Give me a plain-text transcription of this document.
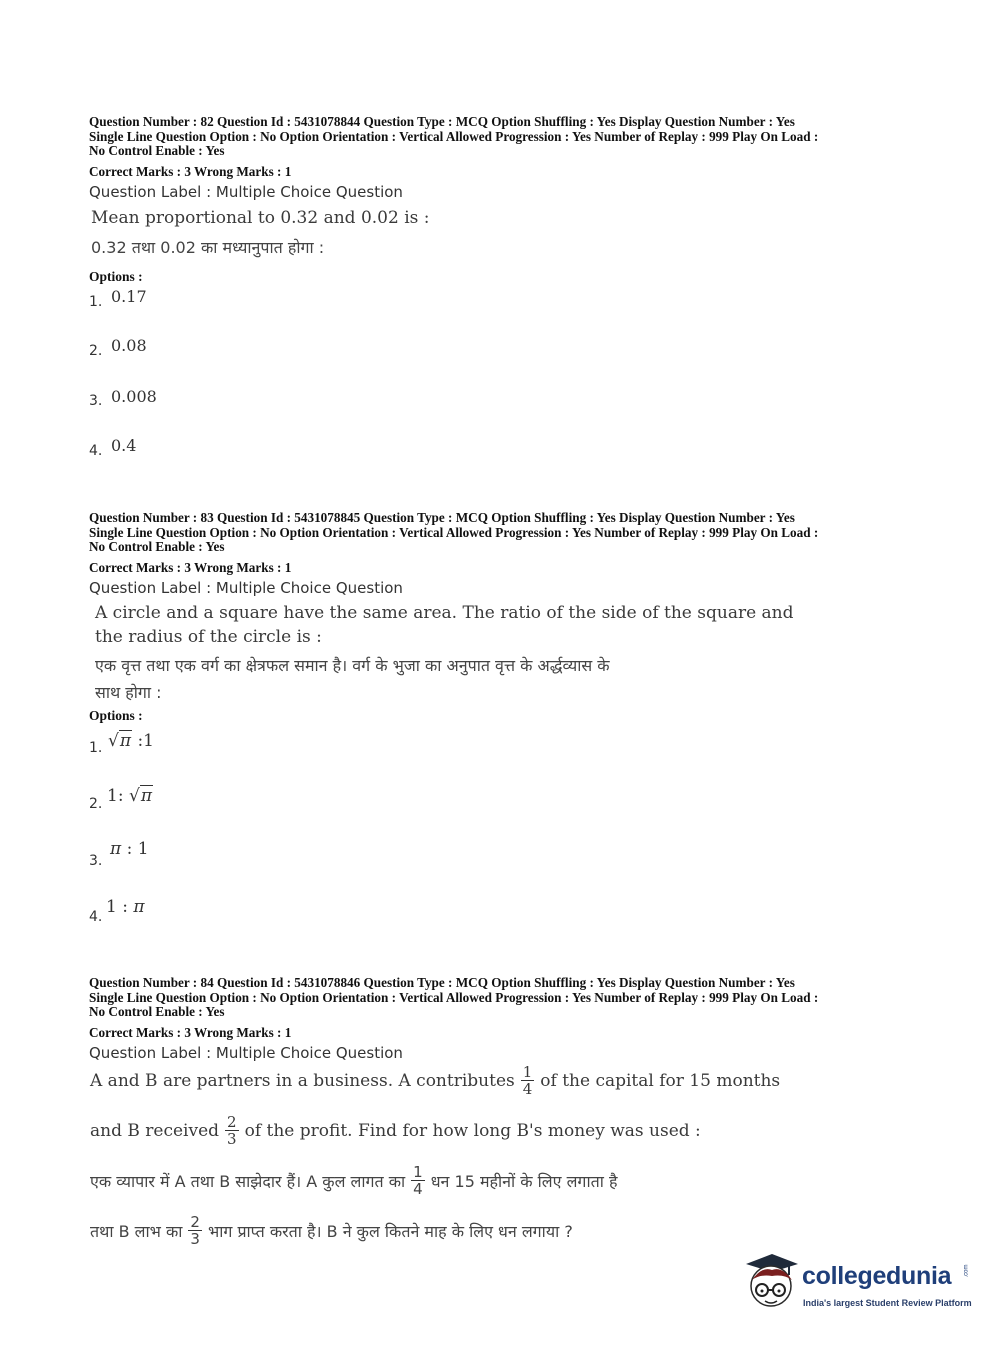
Question Number : 82 Question Id : 5431078844 Question Type : MCQ Option Shuffling : Yes Display Question Number : Yes
Single Line Question Option : No Option Orientation : Vertical Allowed Progression : Yes Number of Replay : 999 Play On Load :
No Control Enable : Yes
Correct Marks : 3 Wrong Marks : 1
Question Label : Multiple Choice Question
Mean proportional to 0.32 and 0.02 is :
0.32 तथा 0.02 का मध्यानुपात होगा :
Options :
1. 0.17
2. 0.08
3. 0.008
4. 0.4
Question Number : 83 Question Id : 5431078845 Question Type : MCQ Option Shuffling : Yes Display Question Number : Yes
Single Line Question Option : No Option Orientation : Vertical Allowed Progression : Yes Number of Replay : 999 Play On Load :
No Control Enable : Yes
Correct Marks : 3 Wrong Marks : 1
Question Label : Multiple Choice Question
A circle and a square have the same area. The ratio of the side of the square and
the radius of the circle is :
एक वृत्त तथा एक वर्ग का क्षेत्रफल समान है। वर्ग के भुजा का अनुपात वृत्त के अर्द्धव्यास के
साथ होगा :
Options :
1. √π :1
2. 1: √π
3.
π : 1
4. 1 : π
Question Number : 84 Question Id : 5431078846 Question Type : MCQ Option Shuffling : Yes Display Question Number : Yes
Single Line Question Option : No Option Orientation : Vertical Allowed Progression : Yes Number of Replay : 999 Play On Load :
No Control Enable : Yes
Correct Marks : 3 Wrong Marks : 1
Question Label : Multiple Choice Question
A and B are partners in a business. A contributes $\frac{1}{4}$ of the capital for 15 months
and B received $\frac{2}{3}$ of the profit. Find for how long B's money was used :
एक व्यापार में A तथा B साझेदार हैं। A कुल लागत का $\frac{1}{4}$ धन 15 महीनों के लिए लगाता है
तथा B लाभ का $\frac{2}{3}$ भाग प्राप्त करता है। B ने कुल कितने माह के लिए धन लगाया ?
collegedunia .com
India's largest Student Review Platform
